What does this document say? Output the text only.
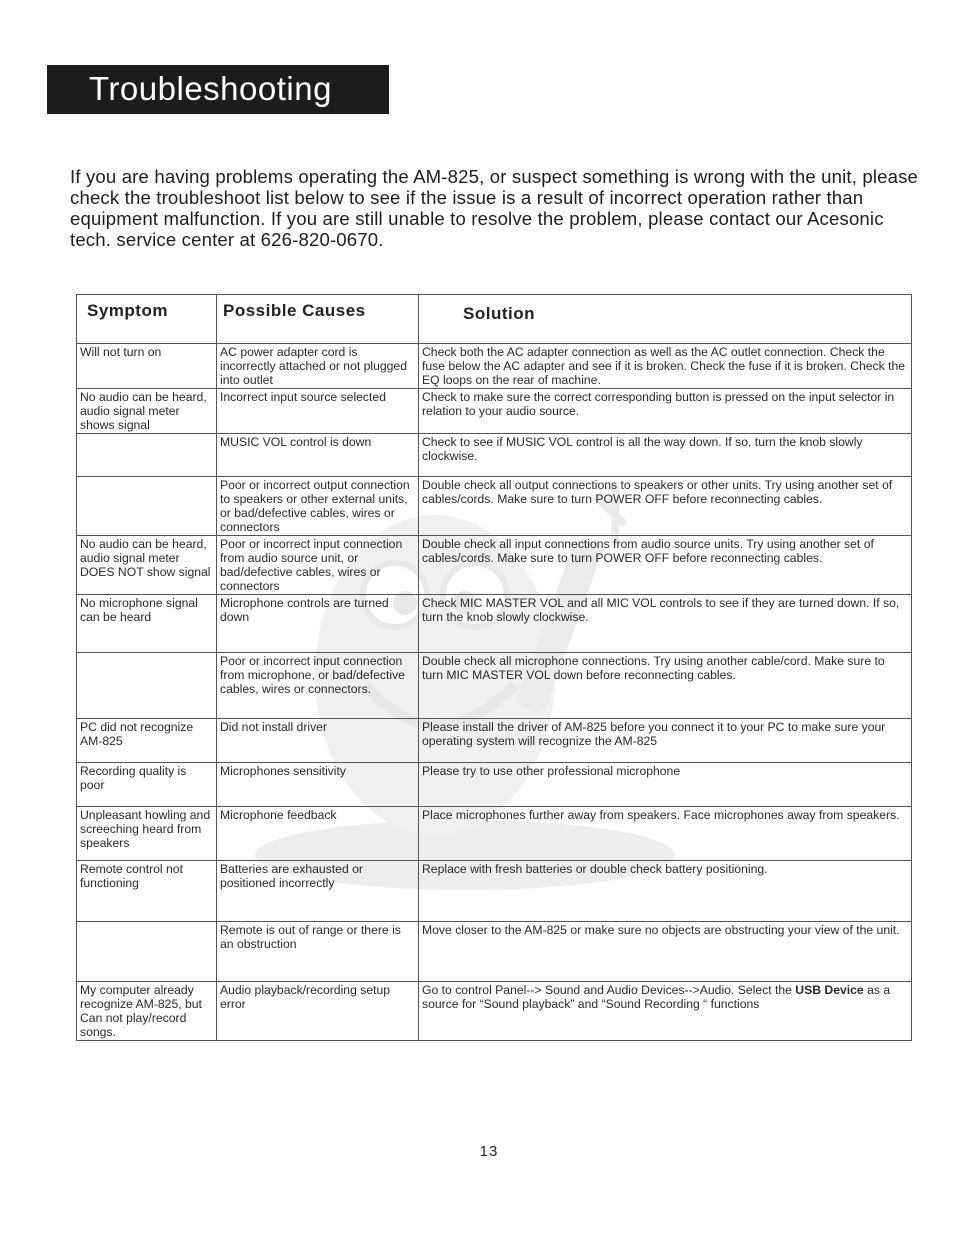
Troubleshooting

If you are having problems operating the AM-825, or suspect something is wrong with the unit, please check the troubleshoot list below to see if the issue is a result of incorrect operation rather than equipment malfunction. If you are still unable to resolve the problem, please contact our Acesonic tech. service center at 626-820-0670.

Symptom	Possible Causes	Solution

Will not turn on	AC power adapter cord is incorrectly attached or not plugged into outlet	Check both the AC adapter connection as well as the AC outlet connection. Check the fuse below the AC adapter and see if it is broken. Check the fuse if it is broken. Check the EQ loops on the rear of machine.
No audio can be heard, audio signal meter shows signal	Incorrect input source selected	Check to make sure the correct corresponding button is pressed on the input selector in relation to your audio source.
	MUSIC VOL control is down	Check to see if MUSIC VOL control is all the way down. If so, turn the knob slowly clockwise.
	Poor or incorrect output connection to speakers or other external units, or bad/defective cables, wires or connectors	Double check all output connections to speakers or other units. Try using another set of cables/cords. Make sure to turn POWER OFF before reconnecting cables.
No audio can be heard, audio signal meter DOES NOT show signal	Poor or incorrect input connection from audio source unit, or bad/defective cables, wires or connectors	Double check all input connections from audio source units. Try using another set of cables/cords. Make sure to turn POWER OFF before reconnecting cables.
No microphone signal can be heard	Microphone controls are turned down	Check MIC MASTER VOL and all MIC VOL controls to see if they are turned down. If so, turn the knob slowly clockwise.
	Poor or incorrect input connection from microphone, or bad/defective cables, wires or connectors.	Double check all microphone connections. Try using another cable/cord. Make sure to turn MIC MASTER VOL down before reconnecting cables.
PC did not recognize AM-825	Did not install driver	Please install the driver of AM-825 before you connect it to your PC to make sure your operating system will recognize the AM-825
Recording quality is poor	Microphones sensitivity	Please try to use other professional microphone
Unpleasant howling and screeching heard from speakers	Microphone feedback	Place microphones further away from speakers. Face microphones away from speakers.
Remote control not functioning	Batteries are exhausted or positioned incorrectly	Replace with fresh batteries or double check battery positioning.
	Remote is out of range or there is an obstruction	Move closer to the AM-825 or make sure no objects are obstructing your view of the unit.
My computer already recognize AM-825, but Can not play/record songs.	Audio playback/recording setup error	Go to control Panel--> Sound and Audio Devices-->Audio. Select the USB Device as a source for “Sound playback” and “Sound Recording “ functions
13
